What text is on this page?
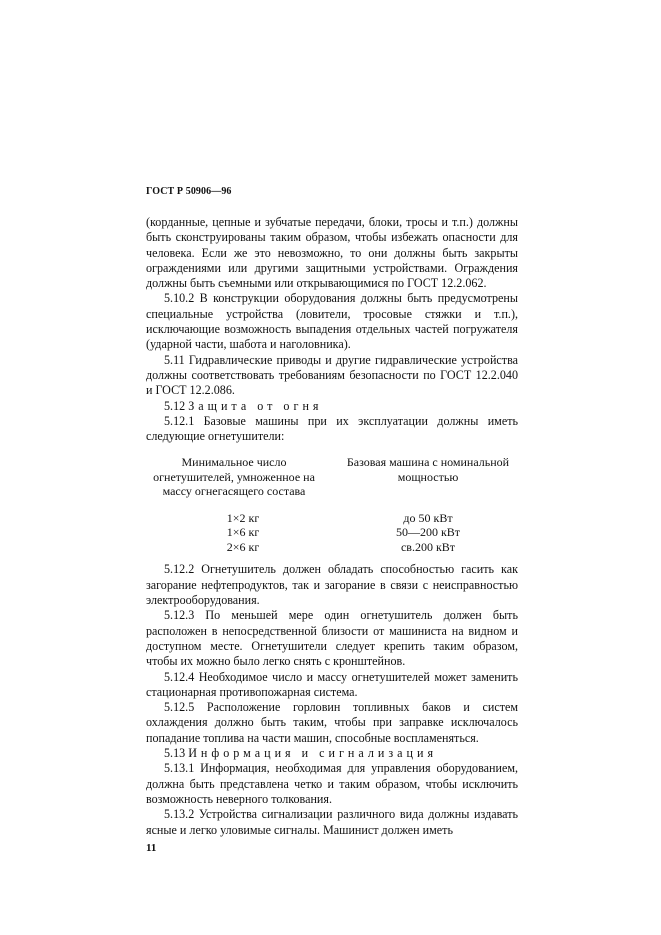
ГОСТ Р 50906—96

(корданные, цепные и зубчатые передачи, блоки, тросы и т.п.) должны быть сконструированы таким образом, чтобы избежать опасности для человека. Если же это невозможно, то они должны быть закрыты ограждениями или другими защитными устройствами. Ограждения должны быть съемными или открывающимися по ГОСТ 12.2.062.

5.10.2 В конструкции оборудования должны быть предусмотрены специальные устройства (ловители, тросовые стяжки и т.п.), исключающие возможность выпадения отдельных частей погружателя (ударной части, шабота и наголовника).

5.11 Гидравлические приводы и другие гидравлические устройства должны соответствовать требованиям безопасности по ГОСТ 12.2.040 и ГОСТ 12.2.086.

5.12 Защита от огня

5.12.1 Базовые машины при их эксплуатации должны иметь следующие огнетушители:

Минимальное число огнетушителей, умноженное на массу огнегасящего состава
Базовая машина с номинальной мощностью
1×2 кг
1×6 кг
2×6 кг
до 50 кВт
50—200 кВт
св.200 кВт

5.12.2 Огнетушитель должен обладать способностью гасить как загорание нефтепродуктов, так и загорание в связи с неисправностью электрооборудования.

5.12.3 По меньшей мере один огнетушитель должен быть расположен в непосредственной близости от машиниста на видном и доступном месте. Огнетушители следует крепить таким образом, чтобы их можно было легко снять с кронштейнов.

5.12.4 Необходимое число и массу огнетушителей может заменить стационарная противопожарная система.

5.12.5 Расположение горловин топливных баков и систем охлаждения должно быть таким, чтобы при заправке исключалось попадание топлива на части машин, способные воспламеняться.

5.13 Информация и сигнализация

5.13.1 Информация, необходимая для управления оборудованием, должна быть представлена четко и таким образом, чтобы исключить возможность неверного толкования.

5.13.2 Устройства сигнализации различного вида должны издавать ясные и легко уловимые сигналы. Машинист должен иметь

11
